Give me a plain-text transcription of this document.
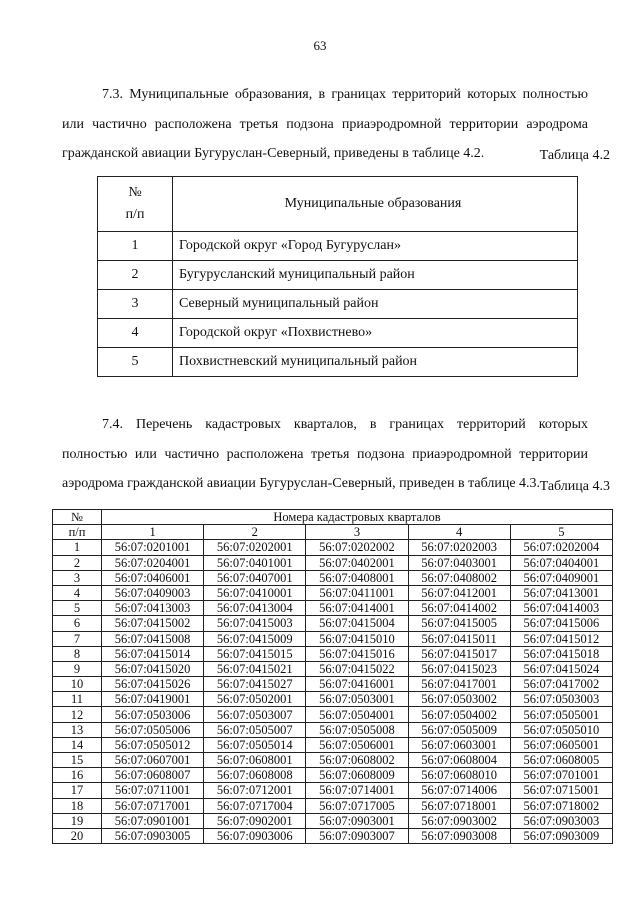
63

7.3. Муниципальные образования, в границах территорий которых полностью или частично расположена третья подзона приаэродромной территории аэродрома гражданской авиации Бугуруслан-Северный, приведены в таблице 4.2.	Таблица 4.2
№
п/п	Муниципальные образования
1	Городской округ «Город Бугуруслан»
2	Бугурусланский муниципальный район
3	Северный муниципальный район
4	Городской округ «Похвистнево»
5	Похвистневский муниципальный район

7.4. Перечень кадастровых кварталов, в границах территорий которых полностью или частично расположена третья подзона приаэродромной территории аэродрома гражданской авиации Бугуруслан-Северный, приведен в таблице 4.3. Таблица 4.3
№	Номера кадастровых кварталов				
п/п	1	2	3	4	5
1	56:07:0201001	56:07:0202001	56:07:0202002	56:07:0202003	56:07:0202004
2	56:07:0204001	56:07:0401001	56:07:0402001	56:07:0403001	56:07:0404001
3	56:07:0406001	56:07:0407001	56:07:0408001	56:07:0408002	56:07:0409001
4	56:07:0409003	56:07:0410001	56:07:0411001	56:07:0412001	56:07:0413001
5	56:07:0413003	56:07:0413004	56:07:0414001	56:07:0414002	56:07:0414003
6	56:07:0415002	56:07:0415003	56:07:0415004	56:07:0415005	56:07:0415006
7	56:07:0415008	56:07:0415009	56:07:0415010	56:07:0415011	56:07:0415012
8	56:07:0415014	56:07:0415015	56:07:0415016	56:07:0415017	56:07:0415018
9	56:07:0415020	56:07:0415021	56:07:0415022	56:07:0415023	56:07:0415024
10	56:07:0415026	56:07:0415027	56:07:0416001	56:07:0417001	56:07:0417002
11	56:07:0419001	56:07:0502001	56:07:0503001	56:07:0503002	56:07:0503003
12	56:07:0503006	56:07:0503007	56:07:0504001	56:07:0504002	56:07:0505001
13	56:07:0505006	56:07:0505007	56:07:0505008	56:07:0505009	56:07:0505010
14	56:07:0505012	56:07:0505014	56:07:0506001	56:07:0603001	56:07:0605001
15	56:07:0607001	56:07:0608001	56:07:0608002	56:07:0608004	56:07:0608005
16	56:07:0608007	56:07:0608008	56:07:0608009	56:07:0608010	56:07:0701001
17	56:07:0711001	56:07:0712001	56:07:0714001	56:07:0714006	56:07:0715001
18	56:07:0717001	56:07:0717004	56:07:0717005	56:07:0718001	56:07:0718002
19	56:07:0901001	56:07:0902001	56:07:0903001	56:07:0903002	56:07:0903003
20	56:07:0903005	56:07:0903006	56:07:0903007	56:07:0903008	56:07:0903009
